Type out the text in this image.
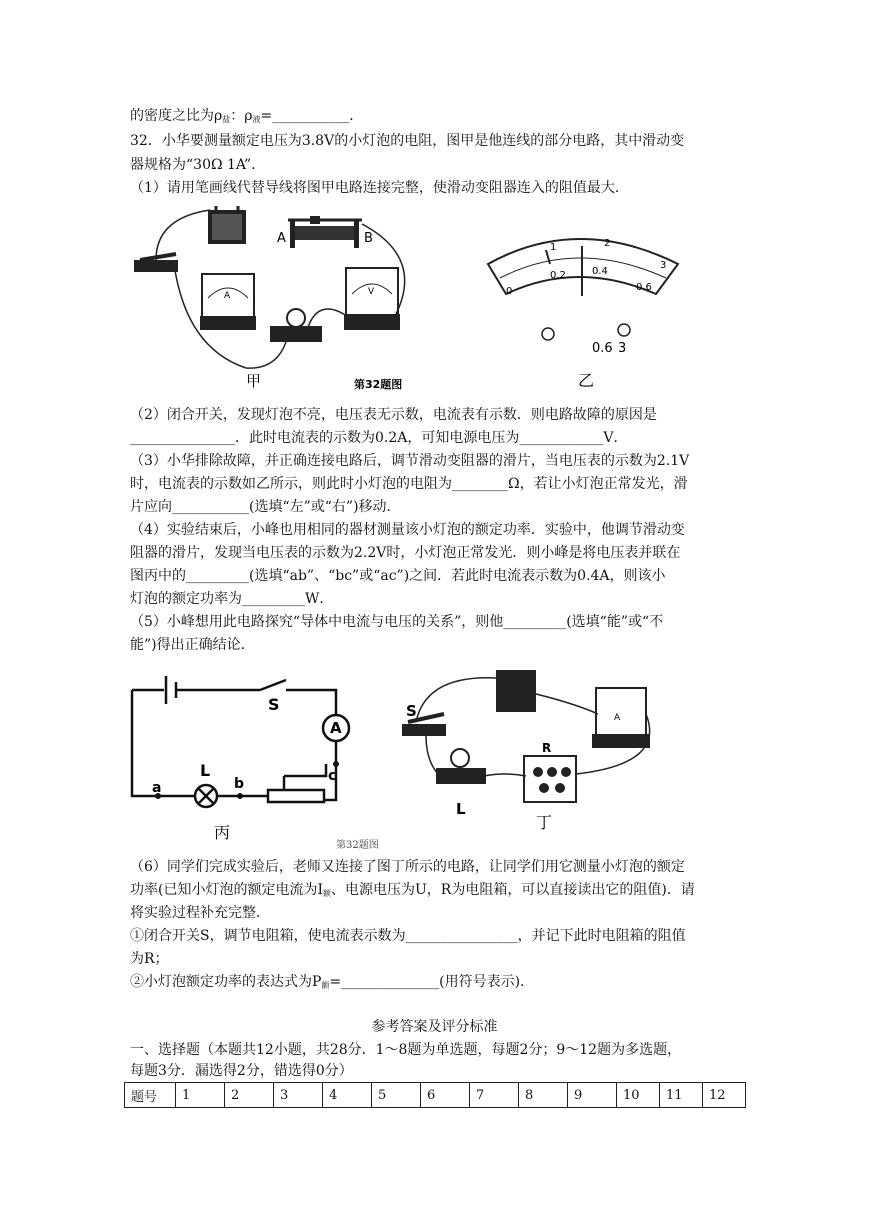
的密度之比为$\rho_盐$：$\rho_液=\_\_\_\_\_\_\_\_\_\_\_$．
32．小华要测量额定电压为3.8V的小灯泡的电阻，图甲是他连线的部分电路，其中滑动变
器规格为“30Ω 1A”．
（1）请用笔画线代替导线将图甲电路连接完整，使滑动变阻器连入的阻值最大．
A	B
A	V
甲	第32题图
0
0.2	0.4
0.6
1	2
3
0.6 3
乙
（2）闭合开关，发现灯泡不亮，电压表无示数，电流表有示数．则电路故障的原因是
_______________．此时电流表的示数为0.2A，可知电源电压为____________V．
（3）小华排除故障，并正确连接电路后，调节滑动变阻器的滑片，当电压表的示数为2.1V
时，电流表的示数如乙所示，则此时小灯泡的电阻为________Ω，若让小灯泡正常发光，滑
片应向___________(选填“左”或“右”)移动．
（4）实验结束后，小峰也用相同的器材测量该小灯泡的额定功率．实验中，他调节滑动变
阻器的滑片，发现当电压表的示数为2.2V时，小灯泡正常发光．则小峰是将电压表并联在
图丙中的_________(选填“ab”、“bc”或“ac”)之间．若此时电流表示数为0.4A，则该小
灯泡的额定功率为_________W．
（5）小峰想用此电路探究“导体中电流与电压的关系”，则他_________(选填“能”或“不
能”)得出正确结论．
A
S
L
a	b	c
丙
第32题图
S
L
R
A
丁
（6）同学们完成实验后，老师又连接了图丁所示的电路，让同学们用它测量小灯泡的额定
功率(已知小灯泡的额定电流为$I_额$、电源电压为U，R为电阻箱，可以直接读出它的阻值)．请
将实验过程补充完整．
①闭合开关S，调节电阻箱，使电流表示数为________________，并记下此时电阻箱的阻值
为R；
②小灯泡额定功率的表达式为$P_额=\_\_\_\_\_\_\_\_\_\_\_\_\_\_$(用符号表示)．
参考答案及评分标准
一、选择题（本题共12小题，共28分．1～8题为单选题，每题2分；9～12题为多选题，
每题3分．漏选得2分，错选得0分）
题号	1	2	3	4	5	6	7	8	9	10	11	12
